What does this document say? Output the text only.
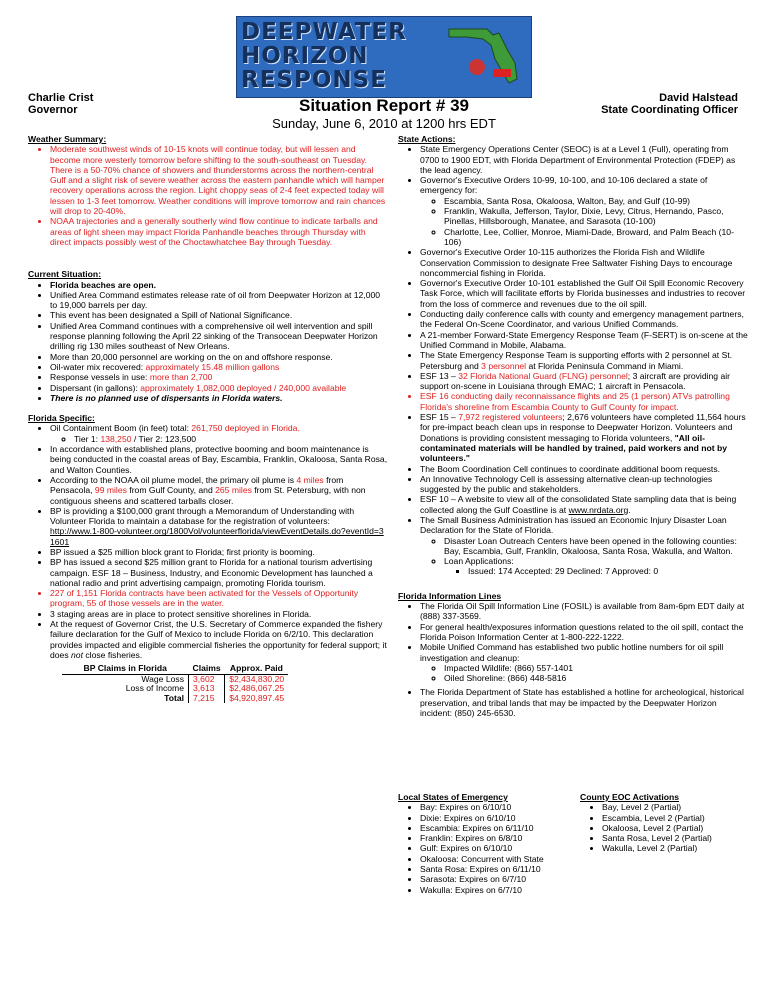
DEEPWATER
HORIZON
RESPONSE
Charlie Crist
Governor	Situation Report # 39
Sunday, June 6, 2010 at 1200 hrs EDT
David Halstead
State Coordinating Officer
Weather Summary:
• Moderate southwest winds of 10-15 knots will continue today, but will lessen and become more westerly tomorrow before shifting to the south-southeast on Tuesday. There is a 50-70% chance of showers and thunderstorms across the northern-central Gulf and a slight risk of severe weather across the eastern panhandle which will hamper recovery operations across the region. Light choppy seas of 2-4 feet expected today will lessen to 1-3 feet tomorrow. Weather conditions will improve tomorrow and rain chances will drop to 20-40%.
• NOAA trajectories and a generally southerly wind flow continue to indicate tarballs and areas of light sheen may impact Florida Panhandle beaches through Thursday with direct impacts possibly west of the Choctawhatchee Bay through Tuesday.
Current Situation:
• Florida beaches are open.
• Unified Area Command estimates release rate of oil from Deepwater Horizon at 12,000 to 19,000 barrels per day.
• This event has been designated a Spill of National Significance.
• Unified Area Command continues with a comprehensive oil well intervention and spill response planning following the April 22 sinking of the Transocean Deepwater Horizon drilling rig 130 miles southeast of New Orleans.
• More than 20,000 personnel are working on the on and offshore response.
• Oil-water mix recovered: approximately 15.48 million gallons
• Response vessels in use: more than 2,700
• Dispersant (in gallons): approximately 1,082,000 deployed / 240,000 available
• There is no planned use of dispersants in Florida waters.
Florida Specific:
• Oil Containment Boom (in feet) total: 261,750 deployed in Florida.
◦ Tier 1: 138,250 / Tier 2: 123,500
• In accordance with established plans, protective booming and boom maintenance is being conducted in the coastal areas of Bay, Escambia, Franklin, Okaloosa, Santa Rosa, and Walton Counties.
• According to the NOAA oil plume model, the primary oil plume is 4 miles from Pensacola, 99 miles from Gulf County, and 265 miles from St. Petersburg, with non contiguous sheens and scattered tarballs closer.
• BP is providing a $100,000 grant through a Memorandum of Understanding with Volunteer Florida to maintain a database for the registration of volunteers:
http://www.1-800-volunteer.org/1800Vol/volunteerflorida/viewEventDetails.do?eventId=31601
• BP issued a $25 million block grant to Florida; first priority is booming.
• BP has issued a second $25 million grant to Florida for a national tourism advertising campaign. ESF 18 – Business, Industry, and Economic Development has launched a national radio and print advertising campaign, promoting Florida tourism.
• 227 of 1,151 Florida contracts have been activated for the Vessels of Opportunity program, 55 of those vessels are in the water.
• 3 staging areas are in place to protect sensitive shorelines in Florida.
• At the request of Governor Crist, the U.S. Secretary of Commerce expanded the fishery failure declaration for the Gulf of Mexico to include Florida on 6/2/10. This declaration provides impacted and eligible commercial fisheries the opportunity for federal support; it does not close fisheries.
BP Claims in Florida	Claims	Approx. Paid
Wage Loss	3,602	$2,434,830.20
Loss of Income	3,613	$2,486,067.25
Total	7,215	$4,920,897.45
State Actions:
• State Emergency Operations Center (SEOC) is at a Level 1 (Full), operating from 0700 to 1900 EDT, with Florida Department of Environmental Protection (FDEP) as the lead agency.
• Governor's Executive Orders 10-99, 10-100, and 10-106 declared a state of emergency for:
◦ Escambia, Santa Rosa, Okaloosa, Walton, Bay, and Gulf (10-99)
◦ Franklin, Wakulla, Jefferson, Taylor, Dixie, Levy, Citrus, Hernando, Pasco, Pinellas, Hillsborough, Manatee, and Sarasota (10-100)
◦ Charlotte, Lee, Collier, Monroe, Miami-Dade, Broward, and Palm Beach (10-106)
• Governor's Executive Order 10-115 authorizes the Florida Fish and Wildlife Conservation Commission to designate Free Saltwater Fishing Days to encourage noncommercial fishing in Florida.
• Governor's Executive Order 10-101 established the Gulf Oil Spill Economic Recovery Task Force, which will facilitate efforts by Florida businesses and industries to recover from the loss of commerce and revenues due to the oil spill.
• Conducting daily conference calls with county and emergency management partners, the Federal On-Scene Coordinator, and various Unified Commands.
• A 21-member Forward-State Emergency Response Team (F-SERT) is on-scene at the Unified Command in Mobile, Alabama.
• The State Emergency Response Team is supporting efforts with 2 personnel at St. Petersburg and 3 personnel at Florida Peninsula Command in Miami.
• ESF 13 – 32 Florida National Guard (FLNG) personnel; 3 aircraft are providing air support on-scene in Louisiana through EMAC; 1 aircraft in Pensacola.
• ESF 16 conducting daily reconnaissance flights and 25 (1 person) ATVs patrolling Florida's shoreline from Escambia County to Gulf County for impact.
• ESF 15 – 7,972 registered volunteers; 2,676 volunteers have completed 11,564 hours for pre-impact beach clean ups in response to Deepwater Horizon. Volunteers and Donations is providing consistent messaging to Florida volunteers, "All oil-contaminated materials will be handled by trained, paid workers and not by volunteers."
• The Boom Coordination Cell continues to coordinate additional boom requests.
• An Innovative Technology Cell is assessing alternative clean-up technologies suggested by the public and stakeholders.
• ESF 10 – A website to view all of the consolidated State sampling data that is being collected along the Gulf Coastline is at www.nrdata.org.
• The Small Business Administration has issued an Economic Injury Disaster Loan Declaration for the State of Florida.
◦ Disaster Loan Outreach Centers have been opened in the following counties: Bay, Escambia, Gulf, Franklin, Okaloosa, Santa Rosa, Wakulla, and Walton.
◦ Loan Applications:
▪ Issued: 174 Accepted: 29 Declined: 7 Approved: 0
Florida Information Lines
• The Florida Oil Spill Information Line (FOSIL) is available from 8am-6pm EDT daily at (888) 337-3569.
• For general health/exposures information questions related to the oil spill, contact the Florida Poison Information Center at 1-800-222-1222.
• Mobile Unified Command has established two public hotline numbers for oil spill investigation and cleanup:
◦ Impacted Wildlife: (866) 557-1401
◦ Oiled Shoreline: (866) 448-5816
• The Florida Department of State has established a hotline for archeological, historical preservation, and tribal lands that may be impacted by the Deepwater Horizon incident: (850) 245-6530.
Local States of Emergency
• Bay: Expires on 6/10/10
• Dixie: Expires on 6/10/10
• Escambia: Expires on 6/11/10
• Franklin: Expires on 6/8/10
• Gulf: Expires on 6/10/10
• Okaloosa: Concurrent with State
• Santa Rosa: Expires on 6/11/10
• Sarasota: Expires on 6/7/10
• Wakulla: Expires on 6/7/10
County EOC Activations
• Bay, Level 2 (Partial)
• Escambia, Level 2 (Partial)
• Okaloosa, Level 2 (Partial)
• Santa Rosa, Level 2 (Partial)
• Wakulla, Level 2 (Partial)
